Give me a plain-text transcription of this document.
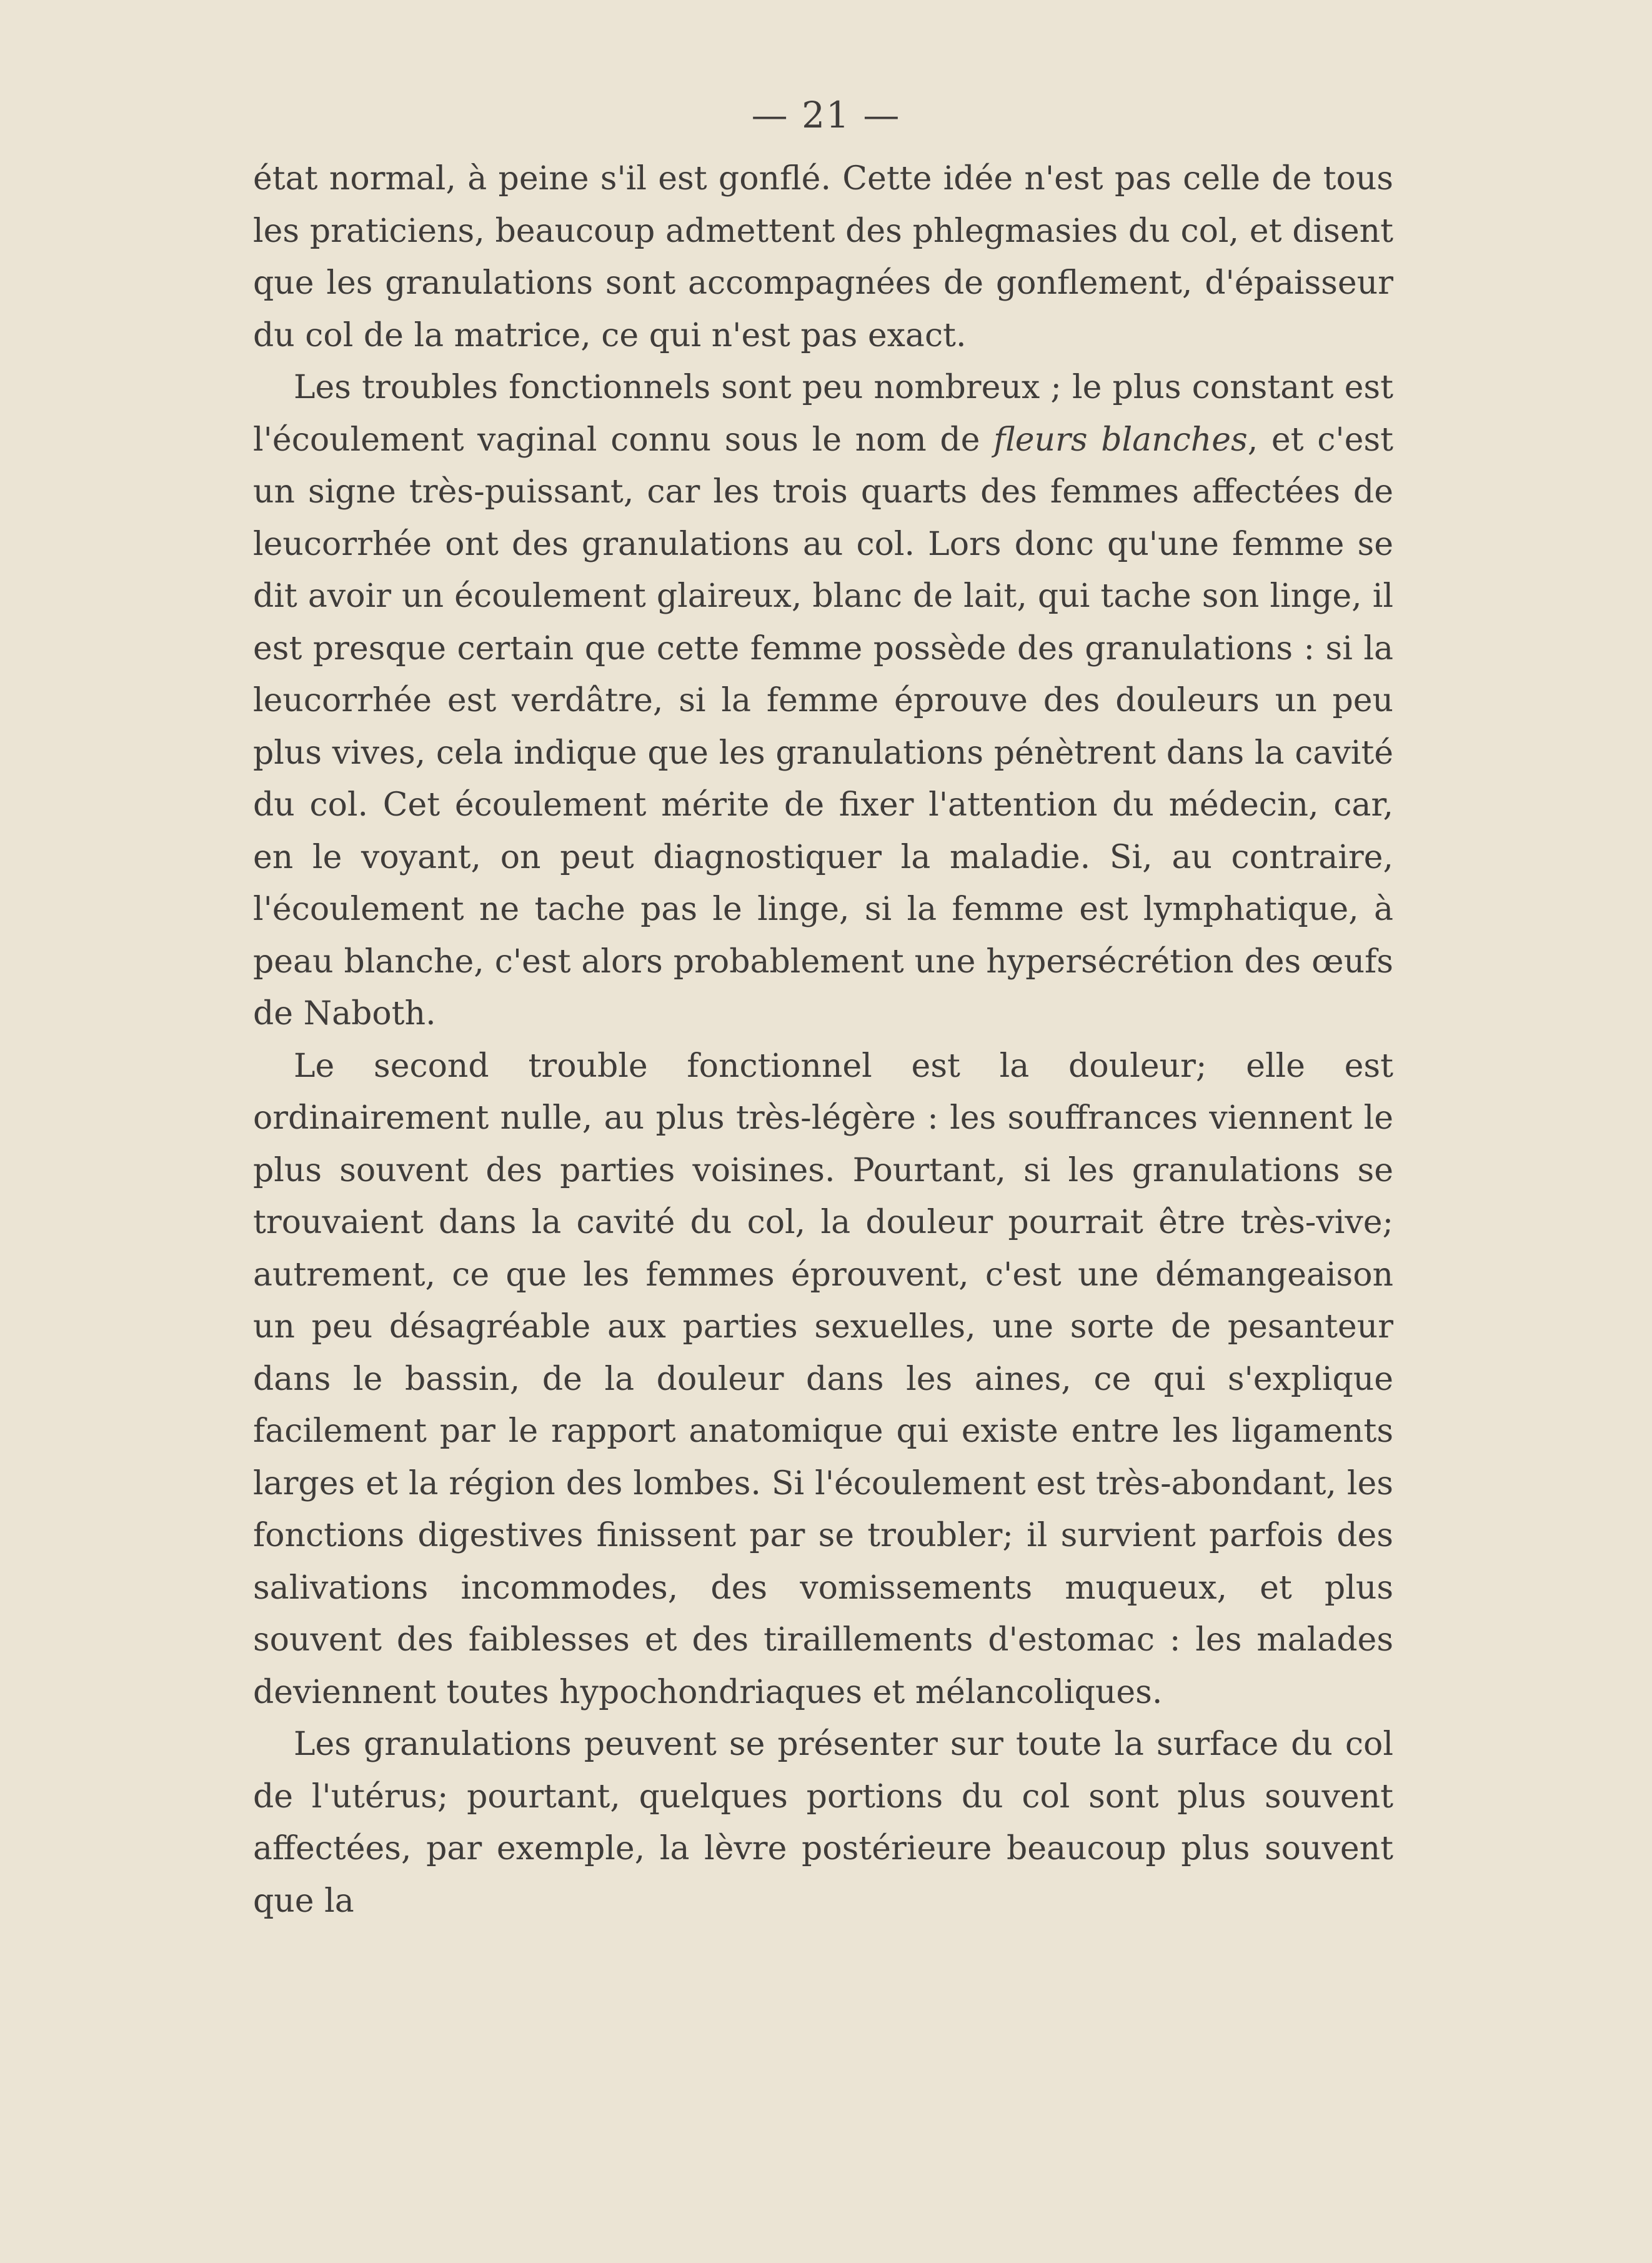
— 21 —

état normal, à peine s'il est gonflé. Cette idée n'est pas celle de tous les praticiens, beaucoup admettent des phlegmasies du col, et disent que les granulations sont accompagnées de gonflement, d'épaisseur du col de la matrice, ce qui n'est pas exact.

Les troubles fonctionnels sont peu nombreux ; le plus constant est l'écoulement vaginal connu sous le nom de fleurs blanches, et c'est un signe très-puissant, car les trois quarts des femmes affectées de leucorrhée ont des granulations au col. Lors donc qu'une femme se dit avoir un écoulement glaireux, blanc de lait, qui tache son linge, il est presque certain que cette femme possède des granulations : si la leucorrhée est verdâtre, si la femme éprouve des douleurs un peu plus vives, cela indique que les granulations pénètrent dans la cavité du col. Cet écoulement mérite de fixer l'attention du médecin, car, en le voyant, on peut diagnostiquer la maladie. Si, au contraire, l'écoulement ne tache pas le linge, si la femme est lymphatique, à peau blanche, c'est alors probablement une hypersécrétion des œufs de Naboth.

Le second trouble fonctionnel est la douleur; elle est ordinairement nulle, au plus très-légère : les souffrances viennent le plus souvent des parties voisines. Pourtant, si les granulations se trouvaient dans la cavité du col, la douleur pourrait être très-vive; autrement, ce que les femmes éprouvent, c'est une démangeaison un peu désagréable aux parties sexuelles, une sorte de pesanteur dans le bassin, de la douleur dans les aines, ce qui s'explique facilement par le rapport anatomique qui existe entre les ligaments larges et la région des lombes. Si l'écoulement est très-abondant, les fonctions digestives finissent par se troubler; il survient parfois des salivations incommodes, des vomissements muqueux, et plus souvent des faiblesses et des tiraillements d'estomac : les malades deviennent toutes hypochondriaques et mélancoliques.

Les granulations peuvent se présenter sur toute la surface du col de l'utérus; pourtant, quelques portions du col sont plus souvent affectées, par exemple, la lèvre postérieure beaucoup plus souvent que la
